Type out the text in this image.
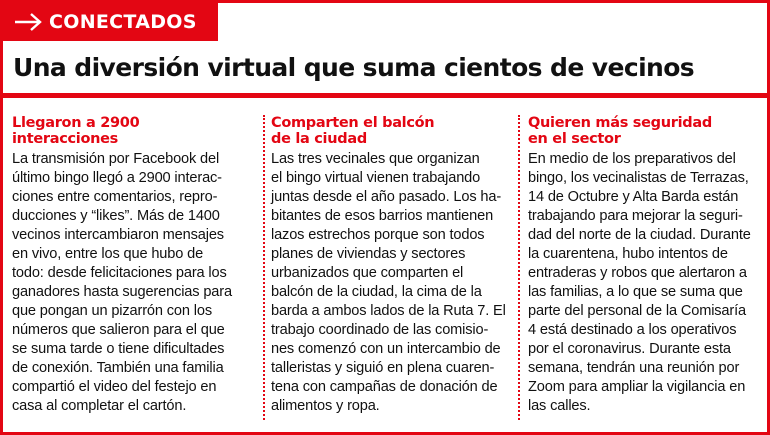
CONECTADOS
Una diversión virtual que suma cientos de vecinos
Llegaron a 2900
interacciones
La transmisión por Facebook del
último bingo llegó a 2900 interac-
ciones entre comentarios, repro-
ducciones y “likes”. Más de 1400
vecinos intercambiaron mensajes
en vivo, entre los que hubo de
todo: desde felicitaciones para los
ganadores hasta sugerencias para
que pongan un pizarrón con los
números que salieron para el que
se suma tarde o tiene dificultades
de conexión. También una familia
compartió el video del festejo en
casa al completar el cartón.
Comparten el balcón
de la ciudad
Las tres vecinales que organizan
el bingo virtual vienen trabajando
juntas desde el año pasado. Los ha-
bitantes de esos barrios mantienen
lazos estrechos porque son todos
planes de viviendas y sectores
urbanizados que comparten el
balcón de la ciudad, la cima de la
barda a ambos lados de la Ruta 7. El
trabajo coordinado de las comisio-
nes comenzó con un intercambio de
talleristas y siguió en plena cuaren-
tena con campañas de donación de
alimentos y ropa.
Quieren más seguridad
en el sector
En medio de los preparativos del
bingo, los vecinalistas de Terrazas,
14 de Octubre y Alta Barda están
trabajando para mejorar la seguri-
dad del norte de la ciudad. Durante
la cuarentena, hubo intentos de
entraderas y robos que alertaron a
las familias, a lo que se suma que
parte del personal de la Comisaría
4 está destinado a los operativos
por el coronavirus. Durante esta
semana, tendrán una reunión por
Zoom para ampliar la vigilancia en
las calles.
